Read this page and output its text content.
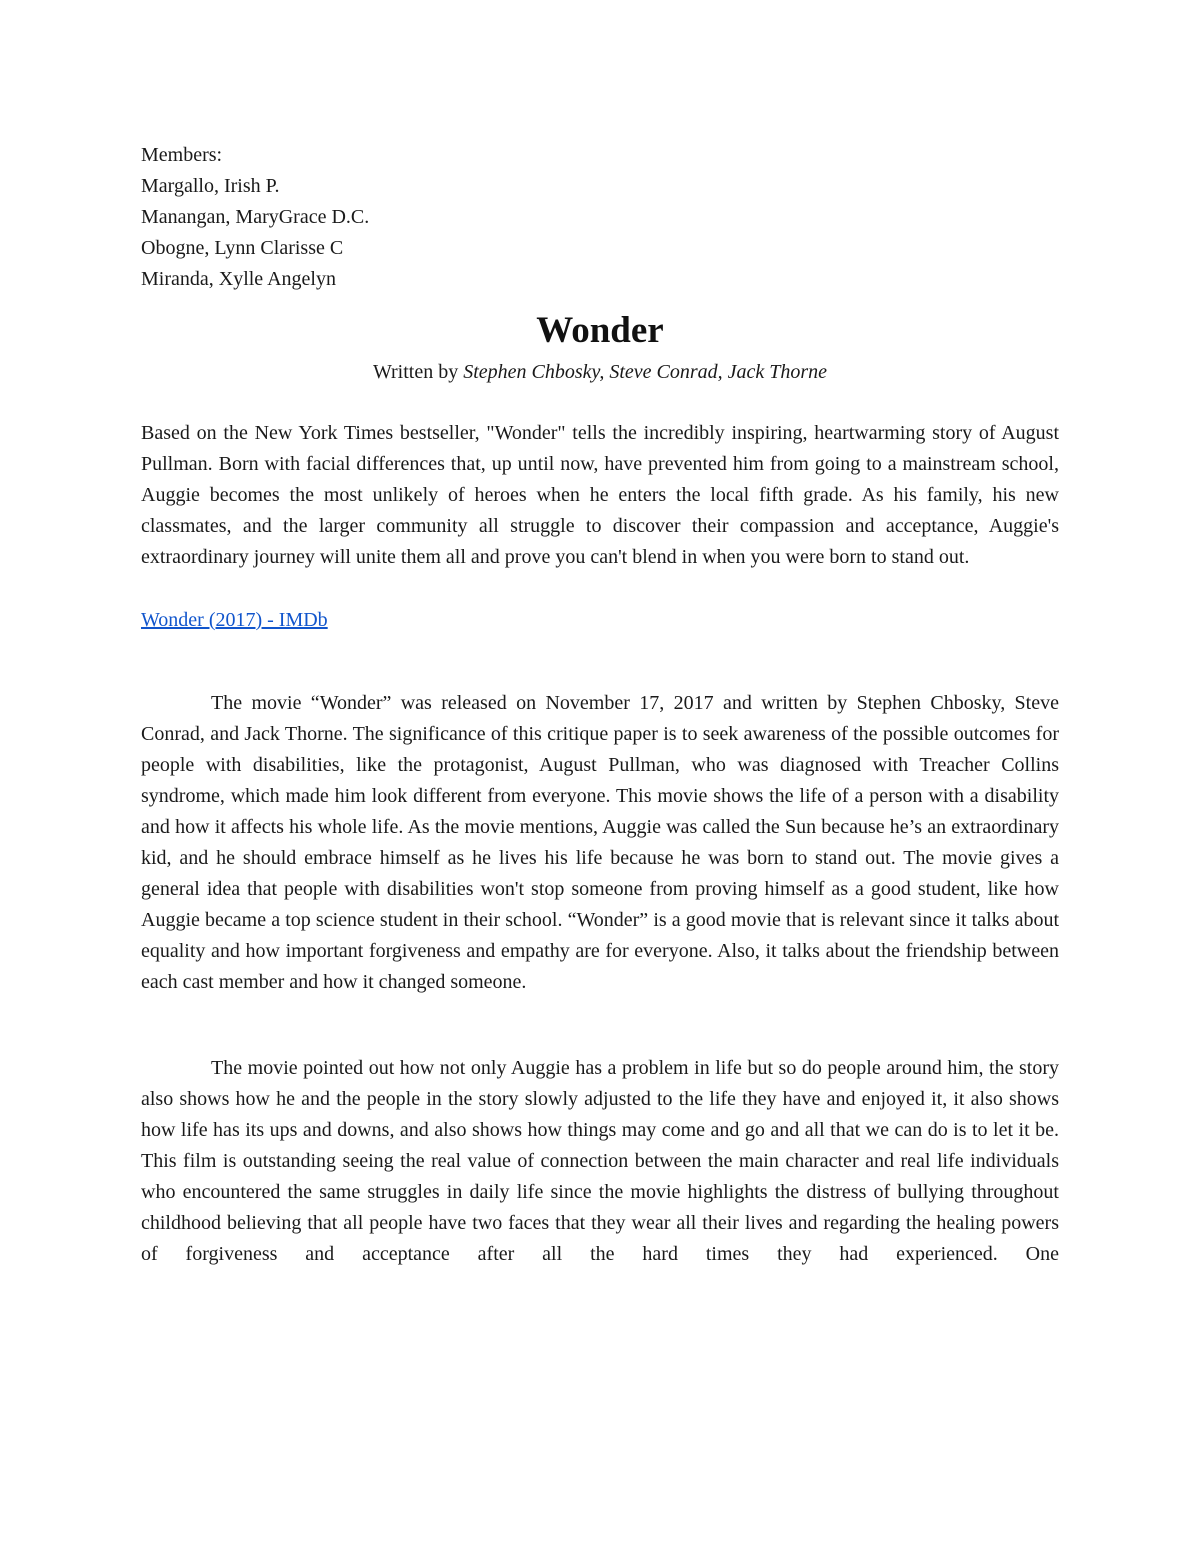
Members:
Margallo, Irish P.
Manangan, MaryGrace D.C.
Obogne, Lynn Clarisse C
Miranda, Xylle Angelyn
Wonder
Written by Stephen Chbosky, Steve Conrad, Jack Thorne

Based on the New York Times bestseller, "Wonder" tells the incredibly inspiring, heartwarming story of August Pullman. Born with facial differences that, up until now, have prevented him from going to a mainstream school, Auggie becomes the most unlikely of heroes when he enters the local fifth grade. As his family, his new classmates, and the larger community all struggle to discover their compassion and acceptance, Auggie's extraordinary journey will unite them all and prove you can't blend in when you were born to stand out.

Wonder (2017) - IMDb

The movie “Wonder” was released on November 17, 2017 and written by Stephen Chbosky, Steve Conrad, and Jack Thorne. The significance of this critique paper is to seek awareness of the possible outcomes for people with disabilities, like the protagonist, August Pullman, who was diagnosed with Treacher Collins syndrome, which made him look different from everyone. This movie shows the life of a person with a disability and how it affects his whole life. As the movie mentions, Auggie was called the Sun because he’s an extraordinary kid, and he should embrace himself as he lives his life because he was born to stand out. The movie gives a general idea that people with disabilities won't stop someone from proving himself as a good student, like how Auggie became a top science student in their school. “Wonder” is a good movie that is relevant since it talks about equality and how important forgiveness and empathy are for everyone. Also, it talks about the friendship between each cast member and how it changed someone.

The movie pointed out how not only Auggie has a problem in life but so do people around him, the story also shows how he and the people in the story slowly adjusted to the life they have and enjoyed it, it also shows how life has its ups and downs, and also shows how things may come and go and all that we can do is to let it be. This film is outstanding seeing the real value of connection between the main character and real life individuals who encountered the same struggles in daily life since the movie highlights the distress of bullying throughout childhood believing that all people have two faces that they wear all their lives and regarding the healing powers of forgiveness and acceptance after all the hard times they had experienced. One
